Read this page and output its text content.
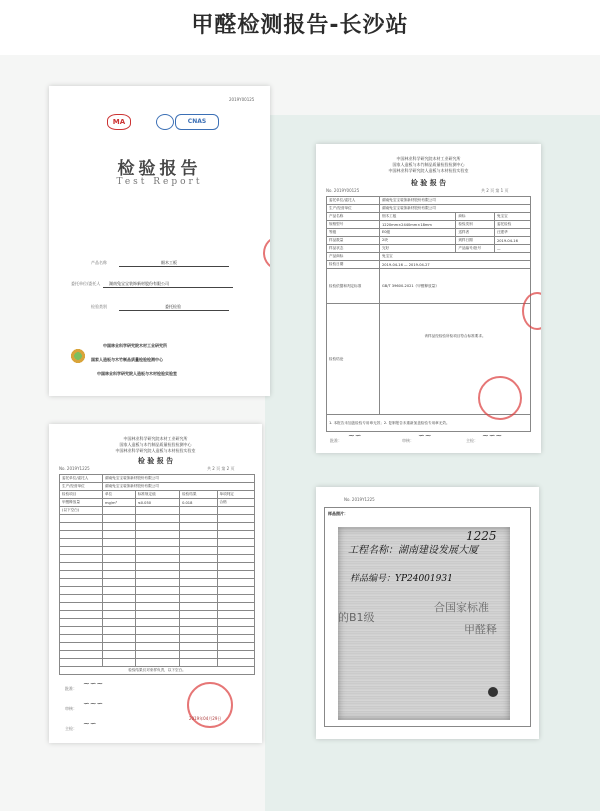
甲醛检测报告-长沙站
2019Y00125
MA	CNAS
检验报告
Test Report
产品名称	细木工板
委托单位/委托人 湖南兔宝宝装饰新材股份有限公司
检验类别	委托检验
中国林业科学研究院木材工业研究所
国家人造板与木竹制品质量检验检测中心
中国林业科学研究院人造板与木材检验实验室
中国林业科学研究院木材工业研究所
国家人造板与木竹制品质量检验检测中心
中国林业科学研究院人造板与木材检验实验室
检 验 报 告
No. 2019Y00125	共 2 页 第 1 页
委托单位/委托人	湖南兔宝宝装饰新材股份有限公司		
生产/经营单位	湖南兔宝宝装饰新材股份有限公司		
产品名称	细木工板	商标	兔宝宝
规格型号	1220mm×2440mm×18mm	检验类别	委托检验
等级	E0级	送样者	汪建华
样品数量	2块	到样日期	2019-04-16
样品状态	完好	产品编号/批号	—
产品商标	兔宝宝		
检验日期	2019-04-16 — 2019-04-27		
检验依据和判定标准	GB/T 39600-2021《甲醛释放量》		
检验结论	该样品经检验所检项目符合标准要求。		
1. 本报告未加盖检验专用章无效；2. 复制报告未重新加盖检验专用章无效。			
批准：	审核：	主检：
~∽	∽~	~∽~
中国林业科学研究院木材工业研究所
国家人造板与木竹制品质量检验检测中心
中国林业科学研究院人造板与木材检验实验室
检 验 报 告
No. 2019Y1225	共 2 页 第 2 页
委托单位/委托人	湖南兔宝宝装饰新材股份有限公司			
生产/经营单位	湖南兔宝宝装饰新材股份有限公司			
检验项目	单位	标准规定值	检验结果	单项判定
甲醛释放量	mg/m³	≤0.050	0.018	合格
(以下空白)				

检验结果仅对来样负责，以下空白。				
批准：
审核：
主检：
~∽~
∽~∽
~∽
2019年04月29日
No. 2019Y1225
样品照片：
1225
工程名称：湖南建设发展大厦
样品编号：YP24001931
合国家标准
的B1级
甲醛释
